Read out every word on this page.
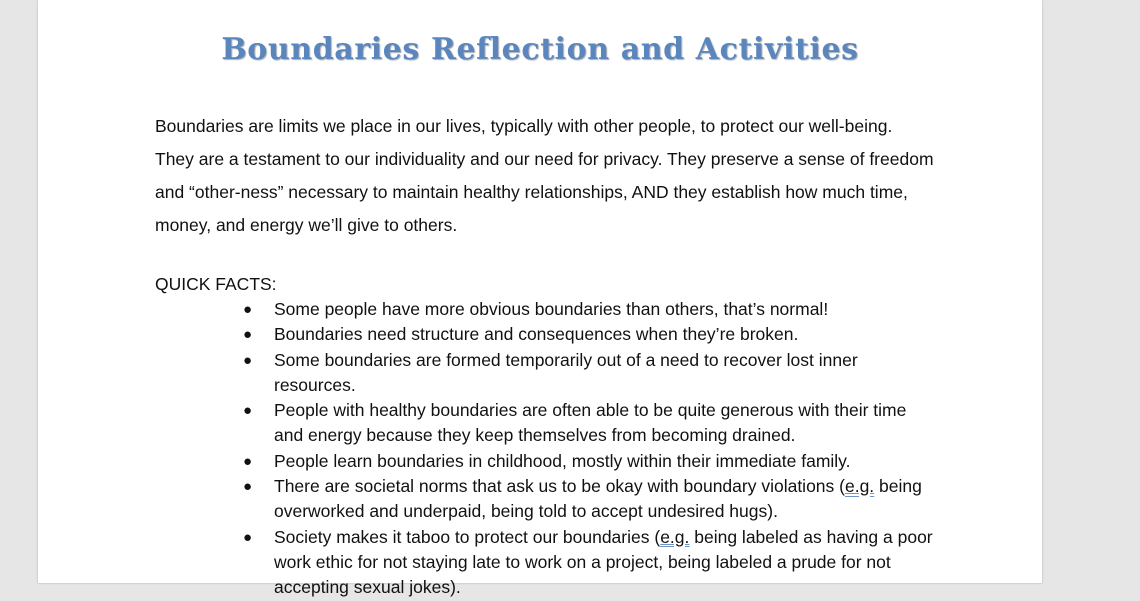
Boundaries Reflection and Activities

Boundaries are limits we place in our lives, typically with other people, to protect our well-being. They are a testament to our individuality and our need for privacy. They preserve a sense of freedom and “other-ness” necessary to maintain healthy relationships, AND they establish how much time, money, and energy we’ll give to others.

QUICK FACTS:

● Some people have more obvious boundaries than others, that’s normal!
● Boundaries need structure and consequences when they’re broken.
● Some boundaries are formed temporarily out of a need to recover lost inner resources.
● People with healthy boundaries are often able to be quite generous with their time and energy because they keep themselves from becoming drained.
● People learn boundaries in childhood, mostly within their immediate family.
● There are societal norms that ask us to be okay with boundary violations (e.g. being overworked and underpaid, being told to accept undesired hugs).
● Society makes it taboo to protect our boundaries (e.g. being labeled as having a poor work ethic for not staying late to work on a project, being labeled a prude for not accepting sexual jokes).
